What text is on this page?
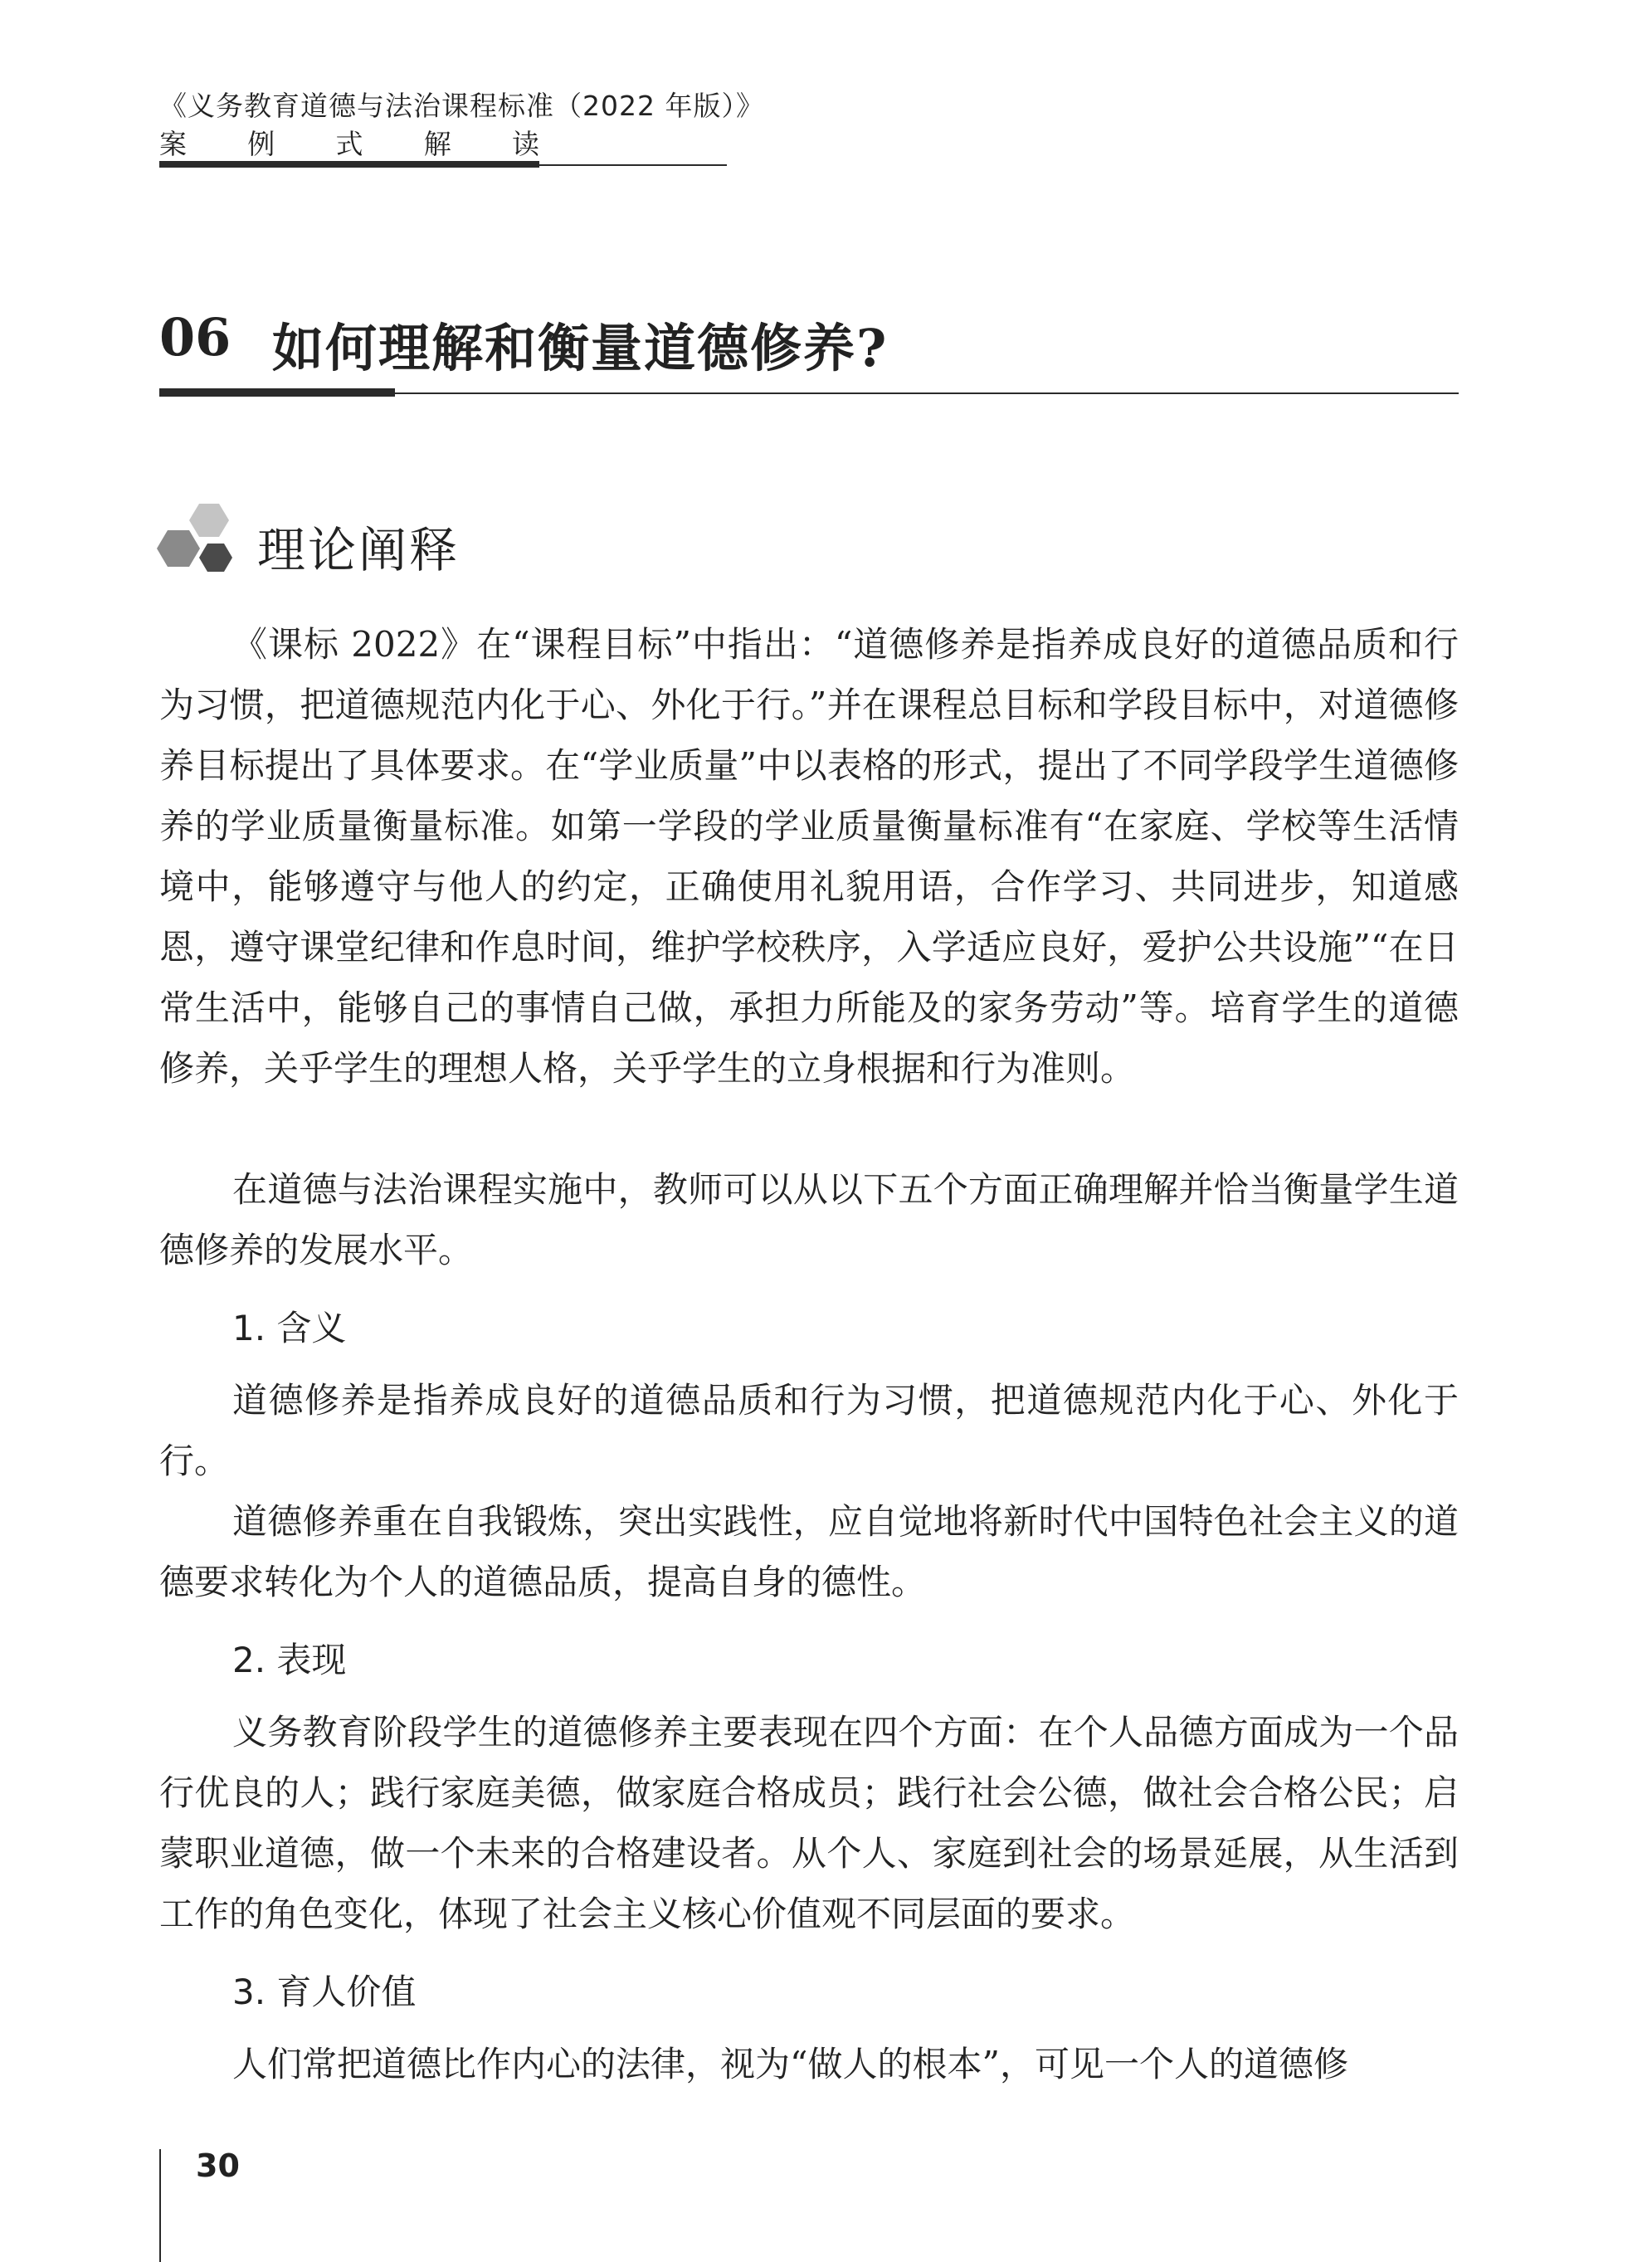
《义务教育道德与法治课程标准（2022 年版）》
案 例 式 解 读
06 如何理解和衡量道德修养?
理论阐释

《课标 2022》在“课程目标”中指出：“道德修养是指养成良好的道德品质和行为习惯，把道德规范内化于心、外化于行。”并在课程总目标和学段目标中，对道德修养目标提出了具体要求。在“学业质量”中以表格的形式，提出了不同学段学生道德修养的学业质量衡量标准。如第一学段的学业质量衡量标准有“在家庭、学校等生活情境中，能够遵守与他人的约定，正确使用礼貌用语，合作学习、共同进步，知道感恩，遵守课堂纪律和作息时间，维护学校秩序，入学适应良好，爱护公共设施”“在日常生活中，能够自己的事情自己做，承担力所能及的家务劳动”等。培育学生的道德修养，关乎学生的理想人格，关乎学生的立身根据和行为准则。

在道德与法治课程实施中，教师可以从以下五个方面正确理解并恰当衡量学生道德修养的发展水平。

1. 含义

道德修养是指养成良好的道德品质和行为习惯，把道德规范内化于心、外化于行。

道德修养重在自我锻炼，突出实践性，应自觉地将新时代中国特色社会主义的道德要求转化为个人的道德品质，提高自身的德性。

2. 表现

义务教育阶段学生的道德修养主要表现在四个方面：在个人品德方面成为一个品行优良的人；践行家庭美德，做家庭合格成员；践行社会公德，做社会合格公民；启蒙职业道德，做一个未来的合格建设者。从个人、家庭到社会的场景延展，从生活到工作的角色变化，体现了社会主义核心价值观不同层面的要求。

3. 育人价值

人们常把道德比作内心的法律，视为“做人的根本”，可见一个人的道德修

30
